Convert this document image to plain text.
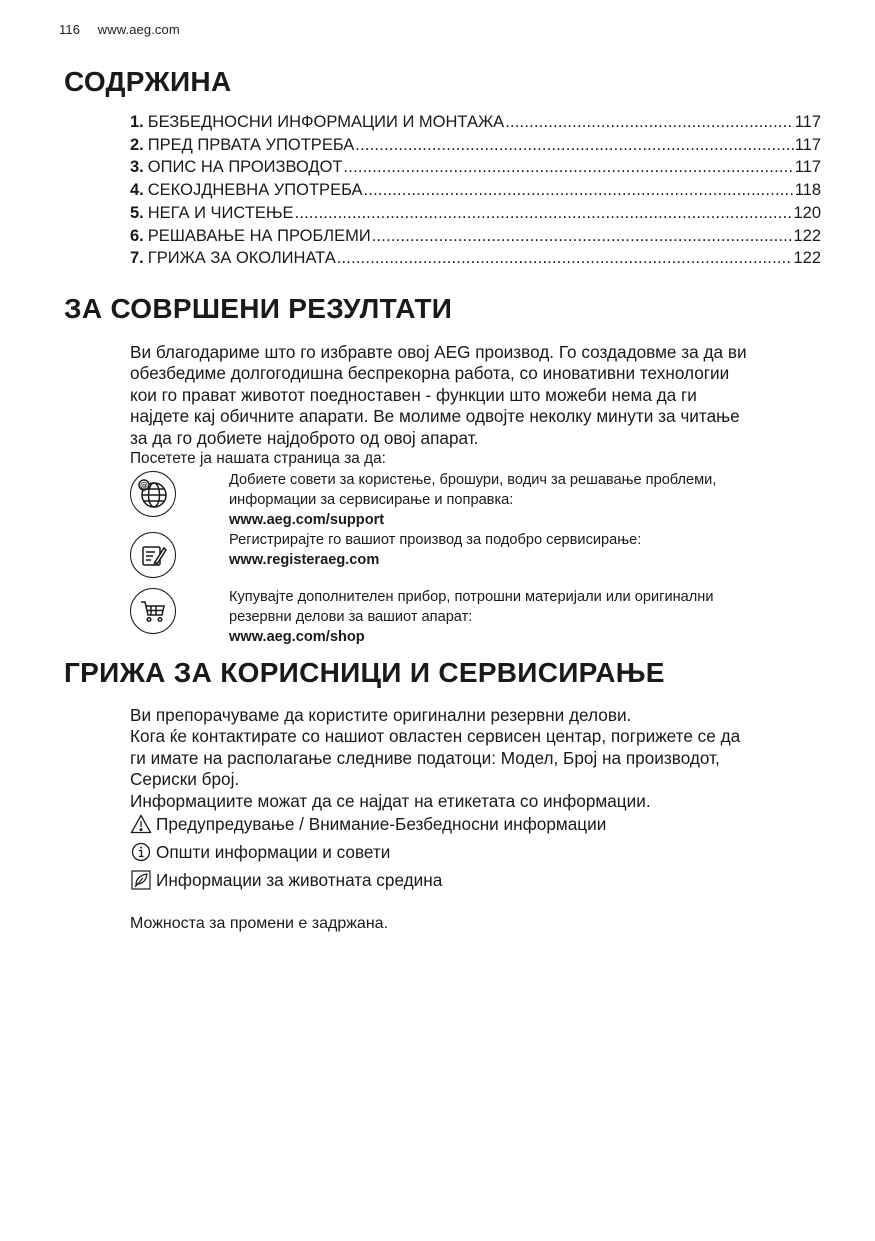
116 www.aeg.com
СОДРЖИНА
1. БЕЗБЕДНОСНИ ИНФОРМАЦИИ И МОНТАЖА .....	117
2. ПРЕД ПРВАТА УПОТРЕБА .....	117
3. ОПИС НА ПРОИЗВОДОТ .....	117
4. СЕКОЈДНЕВНА УПОТРЕБА .....	118
5. НЕГА И ЧИСТЕЊЕ .....	120
6. РЕШАВАЊЕ НА ПРОБЛЕМИ .....	122
7. ГРИЖА ЗА ОКОЛИНАТА .....	122
ЗА СОВРШЕНИ РЕЗУЛТАТИ

Ви благодариме што го избравте овој AEG производ. Го создадовме за да ви

обезбедиме долгогодишна беспрекорна работа, со иновативни технологии

кои го прават животот поедноставен - функции што можеби нема да ги

најдете кај обичните апарати. Ве молиме одвојте неколку минути за читање

за да го добиете најдоброто од овој апарат.

Посетете ја нашата страница за да:

@	Добиете совети за користење, брошури, водич за решавање проблеми,
информации за сервисирање и поправка:
www.aeg.com/support
Регистрирајте го вашиот производ за подобро сервисирање:
www.registeraeg.com
Купувајте дополнителен прибор, потрошни материјали или оригинални
резервни делови за вашиот апарат:
www.aeg.com/shop
ГРИЖА ЗА КОРИСНИЦИ И СЕРВИСИРАЊЕ

Ви препорачуваме да користите оригинални резервни делови.

Кога ќе контактирате со нашиот овластен сервисен центар, погрижете се да

ги имате на располагање следниве податоци: Модел, Број на производот,

Сериски број.

Информациите можат да се најдат на етикетата со информации.

Предупредување / Внимание-Безбедносни информации
Општи информации и совети
Информации за животната средина
Можноста за промени е задржана.
